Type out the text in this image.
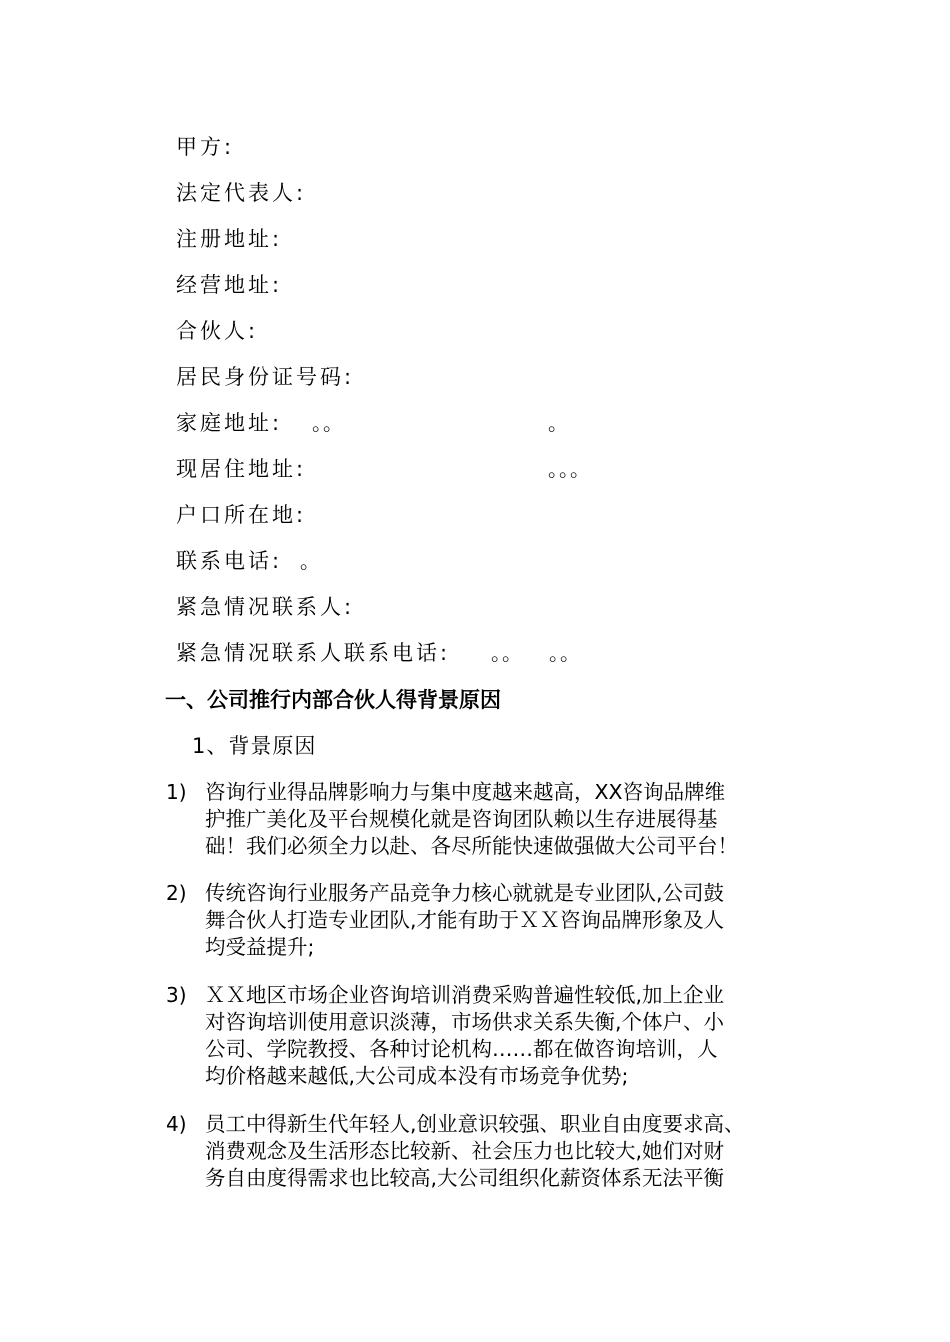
甲方:
法定代表人:
注册地址:
经营地址:
合伙人:
居民身份证号码:
家庭地址: 。。	。
现居住地址:	。。。
户口所在地:
联系电话: 。
紧急情况联系人:
紧急情况联系人联系电话: 。。 。。
一、公司推行内部合伙人得背景原因
1、背景原因
1) 咨询行业得品牌影响力与集中度越来越高，XX咨询品牌维
护推广美化及平台规模化就是咨询团队赖以生存进展得基
础！我们必须全力以赴、各尽所能快速做强做大公司平台！
2) 传统咨询行业服务产品竞争力核心就就是专业团队,公司鼓
舞合伙人打造专业团队,才能有助于ＸＸ咨询品牌形象及人
均受益提升;
3) ＸＸ地区市场企业咨询培训消费采购普遍性较低,加上企业
对咨询培训使用意识淡薄，市场供求关系失衡,个体户、小
公司、学院教授、各种讨论机构……都在做咨询培训，人
均价格越来越低,大公司成本没有市场竞争优势;
4) 员工中得新生代年轻人,创业意识较强、职业自由度要求高、
消费观念及生活形态比较新、社会压力也比较大,她们对财
务自由度得需求也比较高,大公司组织化薪资体系无法平衡
